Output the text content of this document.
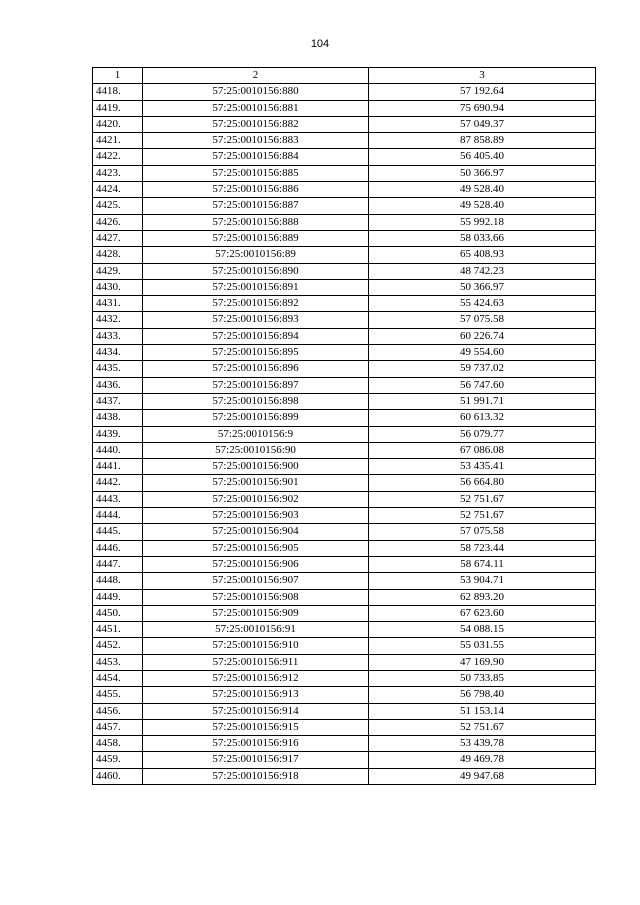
104
1	2	3
4418.	57:25:0010156:880	57 192.64
4419.	57:25:0010156:881	75 690.94
4420.	57:25:0010156:882	57 049.37
4421.	57:25:0010156:883	87 858.89
4422.	57:25:0010156:884	56 405.40
4423.	57:25:0010156:885	50 366.97
4424.	57:25:0010156:886	49 528.40
4425.	57:25:0010156:887	49 528.40
4426.	57:25:0010156:888	55 992.18
4427.	57:25:0010156:889	58 033.66
4428.	57:25:0010156:89	65 408.93
4429.	57:25:0010156:890	48 742.23
4430.	57:25:0010156:891	50 366.97
4431.	57:25:0010156:892	55 424.63
4432.	57:25:0010156:893	57 075.58
4433.	57:25:0010156:894	60 226.74
4434.	57:25:0010156:895	49 554.60
4435.	57:25:0010156:896	59 737.02
4436.	57:25:0010156:897	56 747.60
4437.	57:25:0010156:898	51 991.71
4438.	57:25:0010156:899	60 613.32
4439.	57:25:0010156:9	56 079.77
4440.	57:25:0010156:90	67 086.08
4441.	57:25:0010156:900	53 435.41
4442.	57:25:0010156:901	56 664.80
4443.	57:25:0010156:902	52 751.67
4444.	57:25:0010156:903	52 751.67
4445.	57:25:0010156:904	57 075.58
4446.	57:25:0010156:905	58 723.44
4447.	57:25:0010156:906	58 674.11
4448.	57:25:0010156:907	53 904.71
4449.	57:25:0010156:908	62 893.20
4450.	57:25:0010156:909	67 623.60
4451.	57:25:0010156:91	54 088.15
4452.	57:25:0010156:910	55 031.55
4453.	57:25:0010156:911	47 169.90
4454.	57:25:0010156:912	50 733.85
4455.	57:25:0010156:913	56 798.40
4456.	57:25:0010156:914	51 153.14
4457.	57:25:0010156:915	52 751.67
4458.	57:25:0010156:916	53 439.78
4459.	57:25:0010156:917	49 469.78
4460.	57:25:0010156:918	49 947.68
